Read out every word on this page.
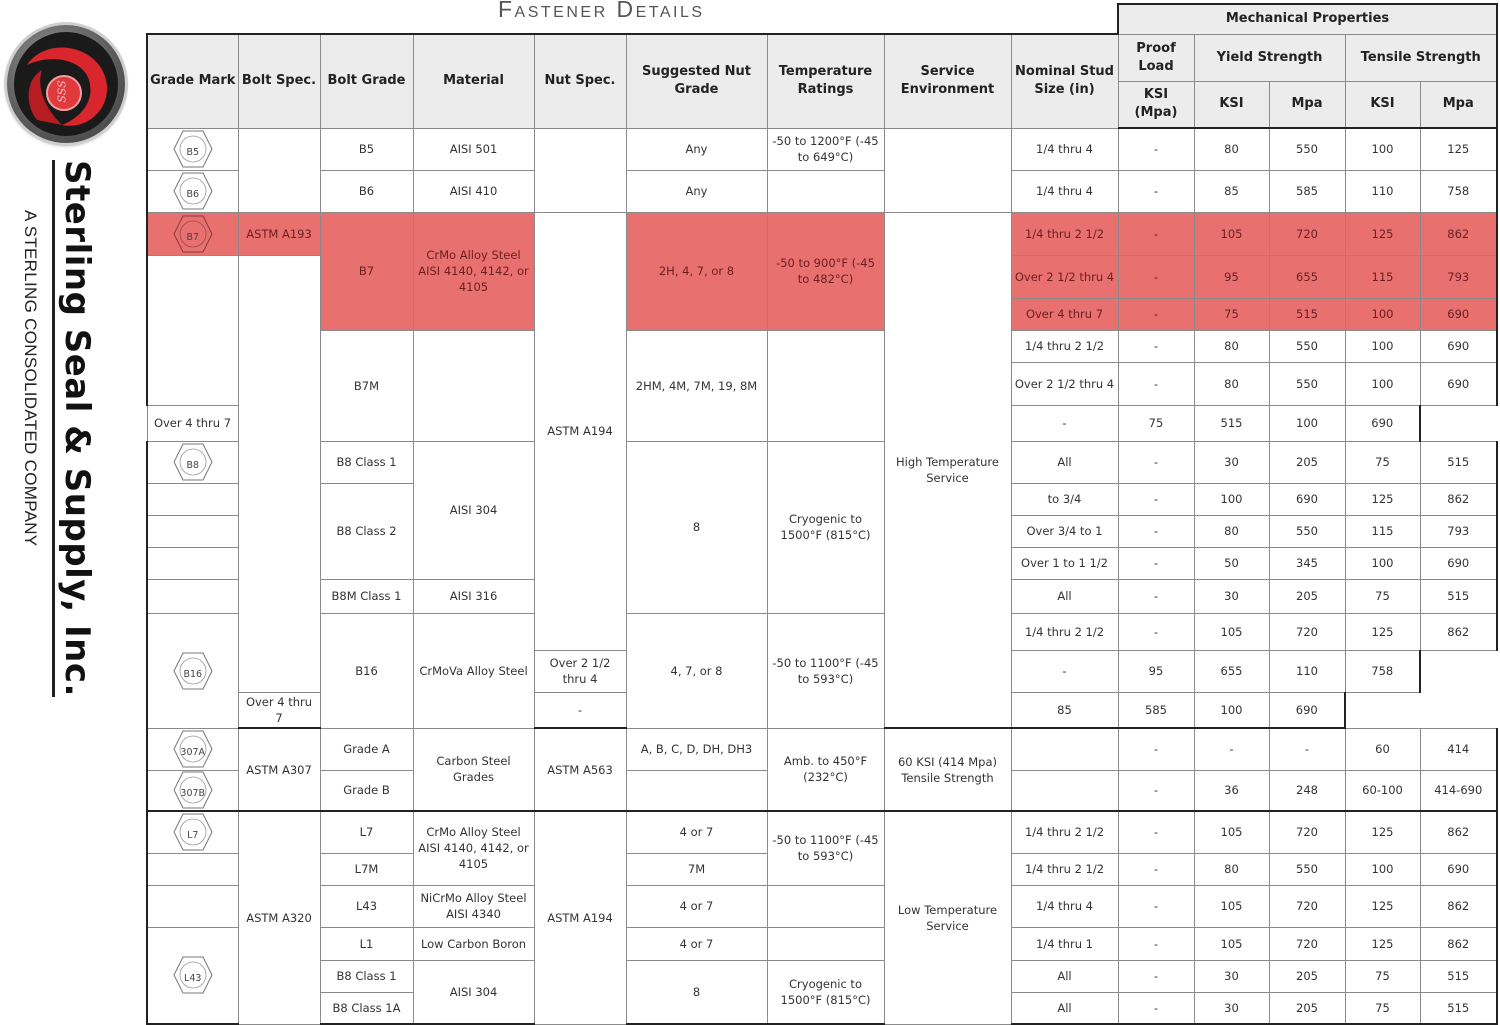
SSS
Sterling Seal & Supply, Inc.
A STERLING CONSOLIDATED COMPANY
Fastener Details
									Mechanical Properties				
Grade Mark	Bolt Spec.	Bolt Grade	Material	Nut Spec.	Suggested Nut Grade	Temperature Ratings	Service Environment	Nominal Stud Size (in)	Proof Load	Yield Strength		Tensile Strength	
									KSI (Mpa)	KSI	Mpa	KSI	Mpa

B5		B5	AISI 501		Any	-50 to 1200°F (-45 to 649°C)		1/4 thru 4	-	80	550	100	125

B6		B6	AISI 410		Any			1/4 thru 4	-	85	585	110	758

B7	ASTM A193	B7	CrMo Alloy Steel AISI 4140, 4142, or 4105	ASTM A194	2H, 4, 7, or 8	-50 to 900°F (-45 to 482°C)	High Temperature Service	1/4 thru 2 1/2	-	105	720	125	862
								Over 2 1/2 thru 4	-	95	655	115	793
								Over 4 thru 7	-	75	515	100	690
		B7M			2HM, 4M, 7M, 19, 8M			1/4 thru 2 1/2	-	80	550	100	690
								Over 2 1/2 thru 4	-	80	550	100	690
Over 4 thru 7								-	75	515	100	690	

B8		B8 Class 1	AISI 304		8	Cryogenic to 1500°F (815°C)		All	-	30	205	75	515
		B8 Class 2						to 3/4	-	100	690	125	862
								Over 3/4 to 1	-	80	550	115	793
								Over 1 to 1 1/2	-	50	345	100	690
		B8M Class 1	AISI 316					All	-	30	205	75	515

B16		B16	CrMoVa Alloy Steel		4, 7, or 8	-50 to 1100°F (-45 to 593°C)		1/4 thru 2 1/2	-	105	720	125	862
				Over 2 1/2 thru 4				-	95	655	110	758	
	Over 4 thru 7			-				85	585	100	690		

307A	ASTM A307	Grade A	Carbon Steel Grades	ASTM A563	A, B, C, D, DH, DH3	Amb. to 450°F (232°C)	60 KSI (414 Mpa) Tensile Strength		-	-	-	60	414

307B		Grade B							-	36	248	60-100	414-690

L7	ASTM A320	L7	CrMo Alloy Steel AISI 4140, 4142, or 4105	ASTM A194	4 or 7	-50 to 1100°F (-45 to 593°C)	Low Temperature Service	1/4 thru 2 1/2	-	105	720	125	862
		L7M			7M			1/4 thru 2 1/2	-	80	550	100	690
		L43	NiCrMo Alloy Steel AISI 4340		4 or 7			1/4 thru 4	-	105	720	125	862

L43		L1	Low Carbon Boron		4 or 7			1/4 thru 1	-	105	720	125	862
		B8 Class 1	AISI 304		8	Cryogenic to 1500°F (815°C)		All	-	30	205	75	515
		B8 Class 1A						All	-	30	205	75	515
